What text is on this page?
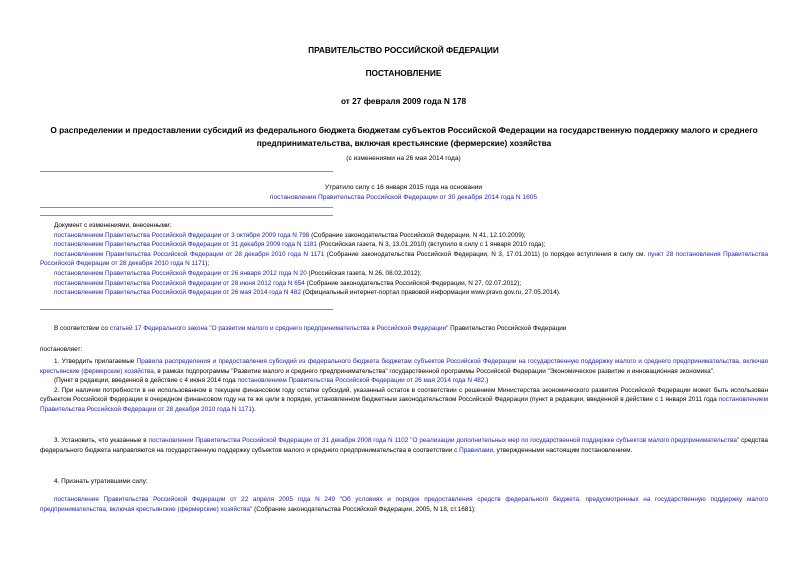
ПРАВИТЕЛЬСТВО РОССИЙСКОЙ ФЕДЕРАЦИИ
ПОСТАНОВЛЕНИЕ
от 27 февраля 2009 года N 178
О распределении и предоставлении субсидий из федерального бюджета бюджетам субъектов Российской Федерации на государственную поддержку малого и среднего предпринимательства, включая крестьянские (фермерские) хозяйства
(с изменениями на 26 мая 2014 года)
Утратило силу с 16 января 2015 года на основании
постановления Правительства Российской Федерации от 30 декабря 2014 года N 1605

Документ с изменениями, внесенными:

постановлением Правительства Российской Федерации от 3 октября 2009 года N 798 (Собрание законодательства Российской Федерации, N 41, 12.10.2009);

постановлением Правительства Российской Федерации от 31 декабря 2009 года N 1181 (Российская газета, N 3, 13.01.2010) (вступило в силу с 1 января 2010 года);

постановлением Правительства Российской Федерации от 28 декабря 2010 года N 1171 (Собрание законодательства Российской Федерации, N 3, 17.01.2011) (о порядке вступления в силу см. пункт 28 постановления Правительства Российской Федерации от 28 декабря 2010 года N 1171);

постановлением Правительства Российской Федерации от 26 января 2012 года N 20 (Российская газета, N 26, 08.02.2012);

постановлением Правительства Российской Федерации от 28 июня 2012 года N 654 (Собрание законодательства Российской Федерации, N 27, 02.07.2012);

постановлением Правительства Российской Федерации от 26 мая 2014 года N 482 (Официальный интернет-портал правовой информации www.pravo.gov.ru, 27.05.2014).

В соответствии со статьей 17 Федерального закона "О развитии малого и среднего предпринимательства в Российской Федерации" Правительство Российской Федерации

постановляет:

1. Утвердить прилагаемые Правила распределения и предоставления субсидий из федерального бюджета бюджетам субъектов Российской Федерации на государственную поддержку малого и среднего предпринимательства, включая крестьянские (фермерские) хозяйства, в рамках подпрограммы "Развитие малого и среднего предпринимательства" государственной программы Российской Федерации "Экономическое развитие и инновационная экономика".

(Пункт в редакции, введенной в действие с 4 июня 2014 года постановлением Правительства Российской Федерации от 26 мая 2014 года N 482.)

2. При наличии потребности в не использованном в текущем финансовом году остатке субсидий, указанный остаток в соответствии с решением Министерства экономического развития Российской Федерации может быть использован субъектом Российской Федерации в очередном финансовом году на те же цели в порядке, установленном бюджетным законодательством Российской Федерации (пункт в редакции, введенной в действие с 1 января 2011 года постановлением Правительства Российской Федерации от 28 декабря 2010 года N 1171).

3. Установить, что указанные в постановлении Правительства Российской Федерации от 31 декабря 2008 года N 1102 "О реализации дополнительных мер по государственной поддержке субъектов малого предпринимательства" средства федерального бюджета направляются на государственную поддержку субъектов малого и среднего предпринимательства в соответствии с Правилами, утвержденными настоящим постановлением.

4. Признать утратившими силу:

постановление Правительства Российской Федерации от 22 апреля 2005 года N 249 "Об условиях и порядке предоставления средств федерального бюджета, предусмотренных на государственную поддержку малого предпринимательства, включая крестьянские (фермерские) хозяйства" (Собрание законодательства Российской Федерации, 2005, N 18, ст.1681);
